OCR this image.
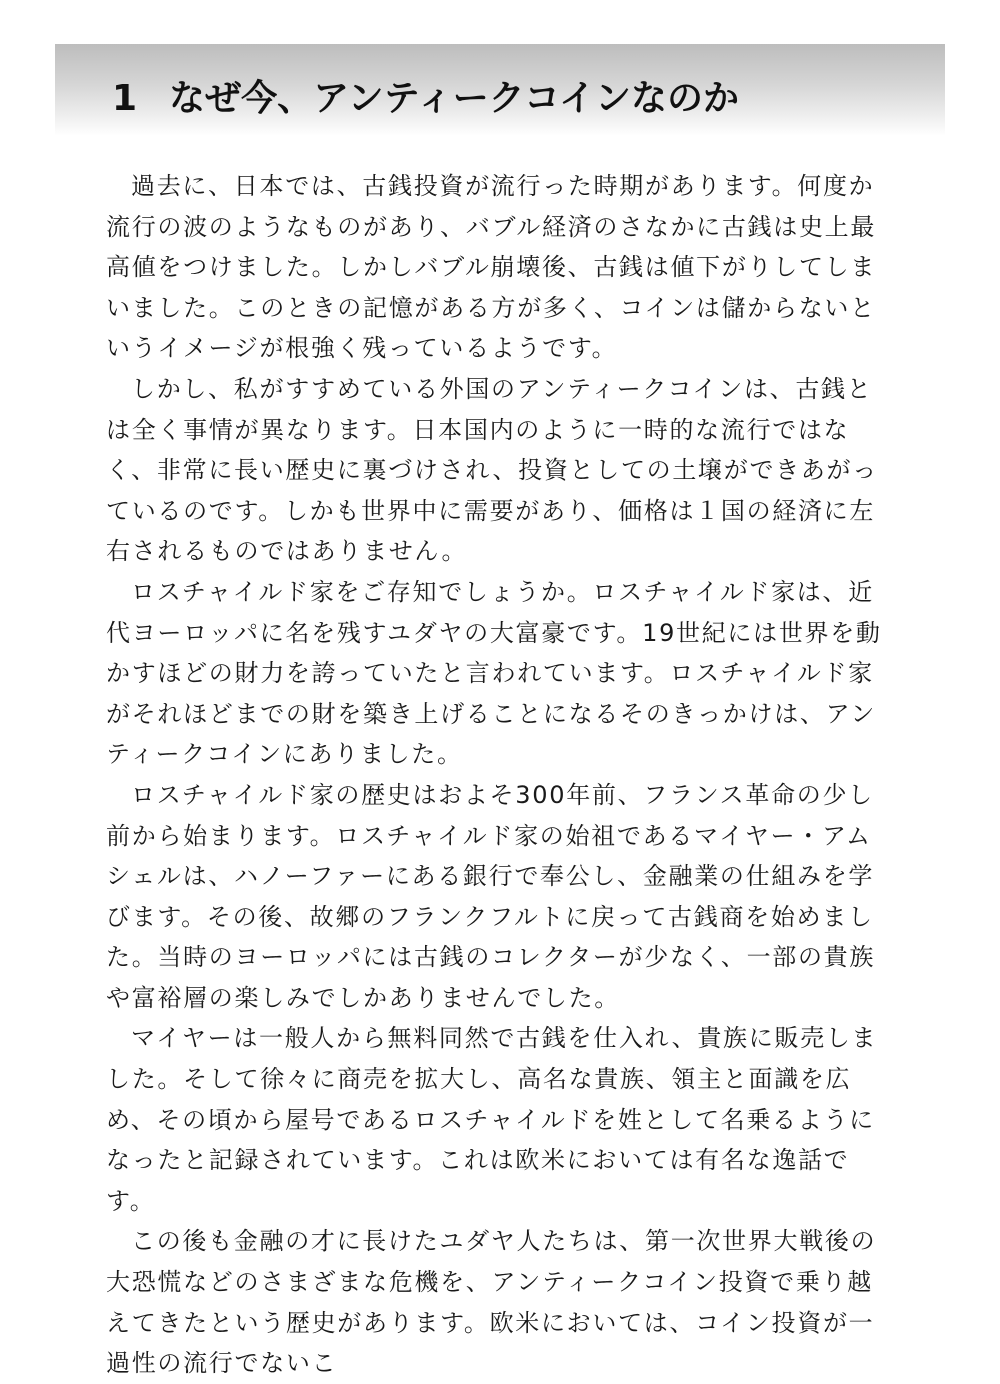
1 なぜ今、アンティークコインなのか

過去に、日本では、古銭投資が流行った時期があります。何度か流行の波のようなものがあり、バブル経済のさなかに古銭は史上最高値をつけました。しかしバブル崩壊後、古銭は値下がりしてしまいました。このときの記憶がある方が多く、コインは儲からないというイメージが根強く残っているようです。

しかし、私がすすめている外国のアンティークコインは、古銭とは全く事情が異なります。日本国内のように一時的な流行ではなく、非常に長い歴史に裏づけされ、投資としての土壌ができあがっているのです。しかも世界中に需要があり、価格は１国の経済に左右されるものではありません。

ロスチャイルド家をご存知でしょうか。ロスチャイルド家は、近代ヨーロッパに名を残すユダヤの大富豪です。19世紀には世界を動かすほどの財力を誇っていたと言われています。ロスチャイルド家がそれほどまでの財を築き上げることになるそのきっかけは、アンティークコインにありました。

ロスチャイルド家の歴史はおよそ300年前、フランス革命の少し前から始まります。ロスチャイルド家の始祖であるマイヤー・アムシェルは、ハノーファーにある銀行で奉公し、金融業の仕組みを学びます。その後、故郷のフランクフルトに戻って古銭商を始めました。当時のヨーロッパには古銭のコレクターが少なく、一部の貴族や富裕層の楽しみでしかありませんでした。

マイヤーは一般人から無料同然で古銭を仕入れ、貴族に販売しました。そして徐々に商売を拡大し、高名な貴族、領主と面識を広め、その頃から屋号であるロスチャイルドを姓として名乗るようになったと記録されています。これは欧米においては有名な逸話です。

この後も金融の才に長けたユダヤ人たちは、第一次世界大戦後の大恐慌などのさまざまな危機を、アンティークコイン投資で乗り越えてきたという歴史があります。欧米においては、コイン投資が一過性の流行でないこ
